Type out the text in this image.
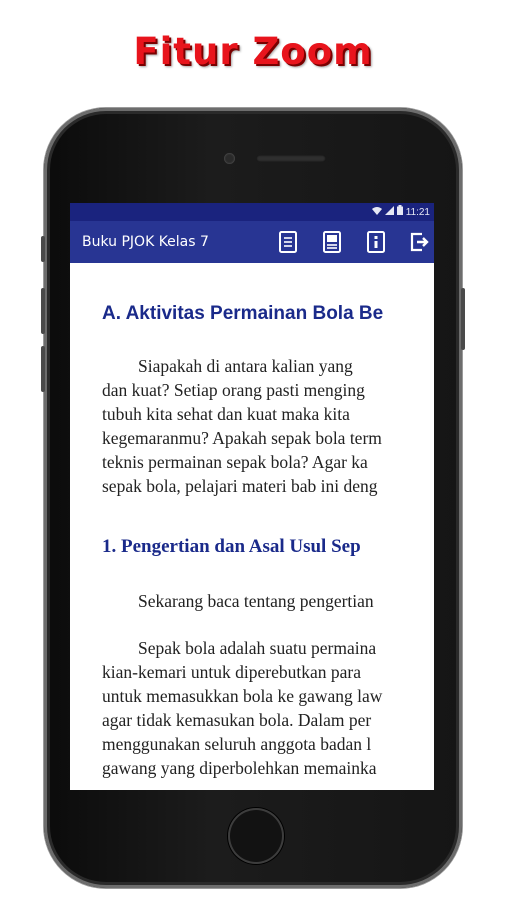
Fitur Zoom
11:21
Buku PJOK Kelas 7
A. Aktivitas Permainan Bola Be
Siapakah di antara kalian yang
dan kuat? Setiap orang pasti menging
tubuh kita sehat dan kuat maka kita
kegemaranmu? Apakah sepak bola term
teknis permainan sepak bola? Agar ka
sepak bola, pelajari materi bab ini deng
1. Pengertian dan Asal Usul Sep
Sekarang baca tentang pengertian
Sepak bola adalah suatu permaina
kian-kemari untuk diperebutkan para
untuk memasukkan bola ke gawang law
agar tidak kemasukan bola. Dalam per
menggunakan seluruh anggota badan l
gawang yang diperbolehkan memainka
